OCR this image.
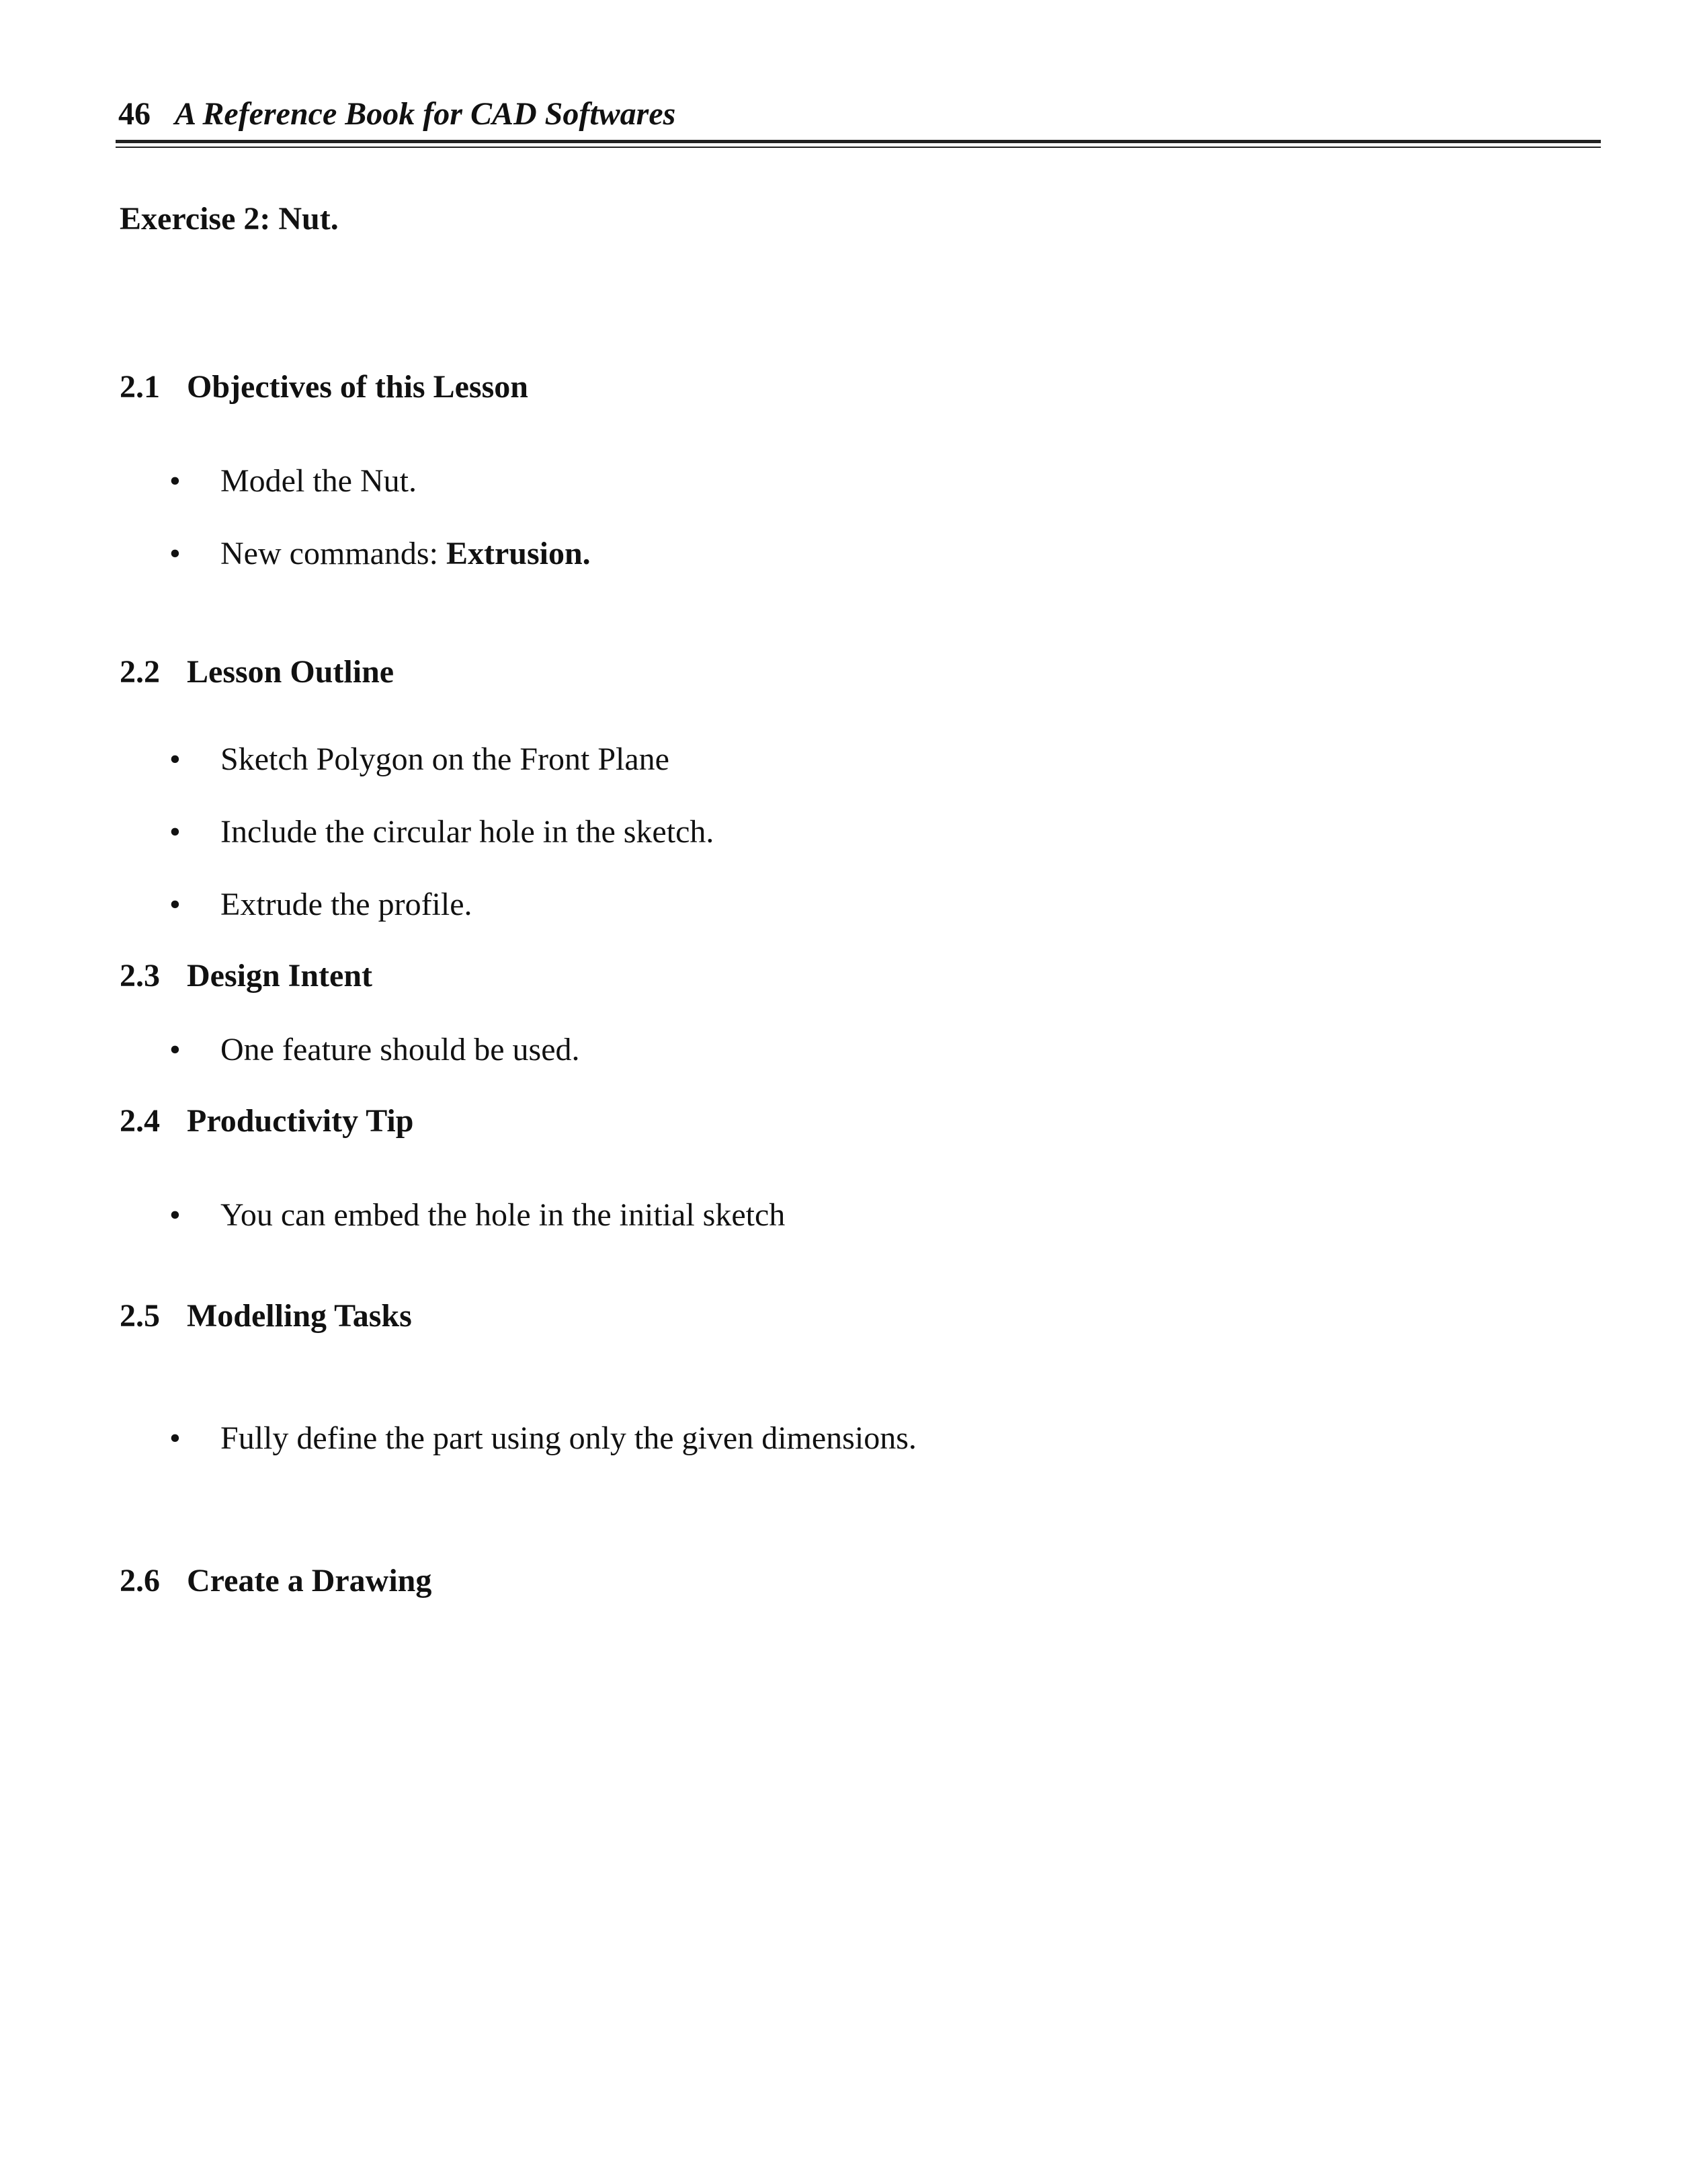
46 A Reference Book for CAD Softwares
Exercise 2: Nut.
2.1 Objectives of this Lesson
• Model the Nut.
• New commands: Extrusion.
2.2 Lesson Outline
• Sketch Polygon on the Front Plane
• Include the circular hole in the sketch.
• Extrude the profile.
2.3 Design Intent
• One feature should be used.
2.4 Productivity Tip
• You can embed the hole in the initial sketch
2.5 Modelling Tasks
• Fully define the part using only the given dimensions.
2.6 Create a Drawing
